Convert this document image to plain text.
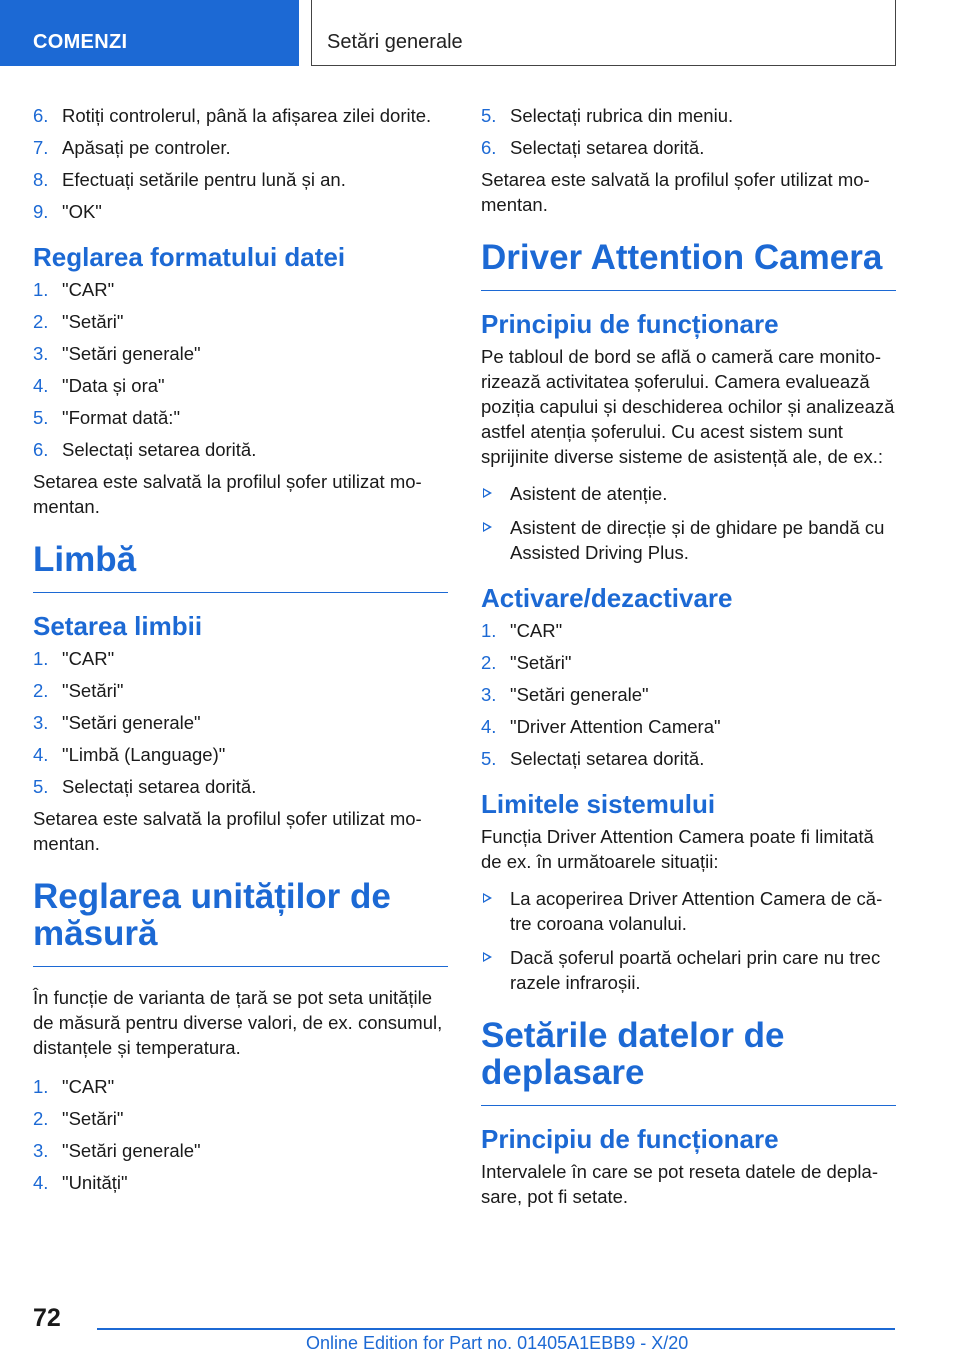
COMENZI	Setări generale
6. Rotiți controlerul, până la afișarea zilei dorite.
7. Apăsați pe controler.
8. Efectuați setările pentru lună și an.
9. "OK"
Reglarea formatului datei
1. "CAR"
2. "Setări"
3. "Setări generale"
4. "Data și ora"
5. "Format dată:"
6. Selectați setarea dorită.

Setarea este salvată la profilul șofer utilizat momentan.

Limbă
Setarea limbii
1. "CAR"
2. "Setări"
3. "Setări generale"
4. "Limbă (Language)"
5. Selectați setarea dorită.

Setarea este salvată la profilul șofer utilizat momentan.

Reglarea unităților de măsură

În funcție de varianta de țară se pot seta unitățile de măsură pentru diverse valori, de ex. consumul, distanțele și temperatura.

1. "CAR"
2. "Setări"
3. "Setări generale"
4. "Unități"
5. Selectați rubrica din meniu.
6. Selectați setarea dorită.

Setarea este salvată la profilul șofer utilizat momentan.

Driver Attention Camera
Principiu de funcționare

Pe tabloul de bord se află o cameră care monitorizează activitatea șoferului. Camera evaluează poziția capului și deschiderea ochilor și analizează astfel atenția șoferului. Cu acest sistem sunt sprijinite diverse sisteme de asistență ale, de ex.:

Asistent de atenție.
Asistent de direcție și de ghidare pe bandă cu Assisted Driving Plus.
Activare/dezactivare
1. "CAR"
2. "Setări"
3. "Setări generale"
4. "Driver Attention Camera"
5. Selectați setarea dorită.
Limitele sistemului

Funcția Driver Attention Camera poate fi limitată de ex. în următoarele situații:

La acoperirea Driver Attention Camera de către coroana volanului.
Dacă șoferul poartă ochelari prin care nu trec razele infraroșii.
Setările datelor de deplasare
Principiu de funcționare

Intervalele în care se pot reseta datele de deplasare, pot fi setate.

72
Online Edition for Part no. 01405A1EBB9 - X/20
